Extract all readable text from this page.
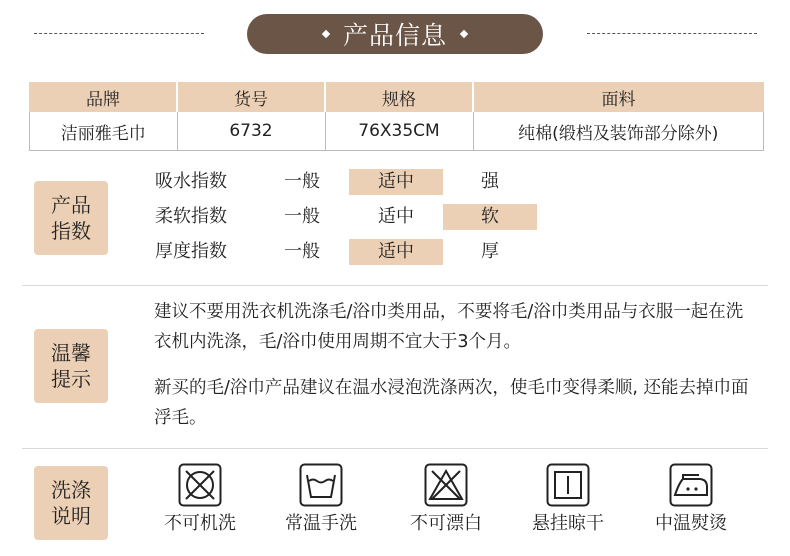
产品信息
品牌	货号	规格	面料
洁丽雅毛巾	6732	76X35CM	纯棉(缎档及装饰部分除外)
产品指数
吸水指数	一般	适中	强
柔软指数	一般	适中	软
厚度指数	一般	适中	厚
温馨提示
建议不要用洗衣机洗涤毛/浴巾类用品，不要将毛/浴巾类用品与衣服一起在洗衣机内洗涤，毛/浴巾使用周期不宜大于3个月。
新买的毛/浴巾产品建议在温水浸泡洗涤两次，使毛巾变得柔顺, 还能去掉巾面浮毛。
洗涤说明	不可机洗	常温手洗	不可漂白	悬挂晾干	中温熨烫
